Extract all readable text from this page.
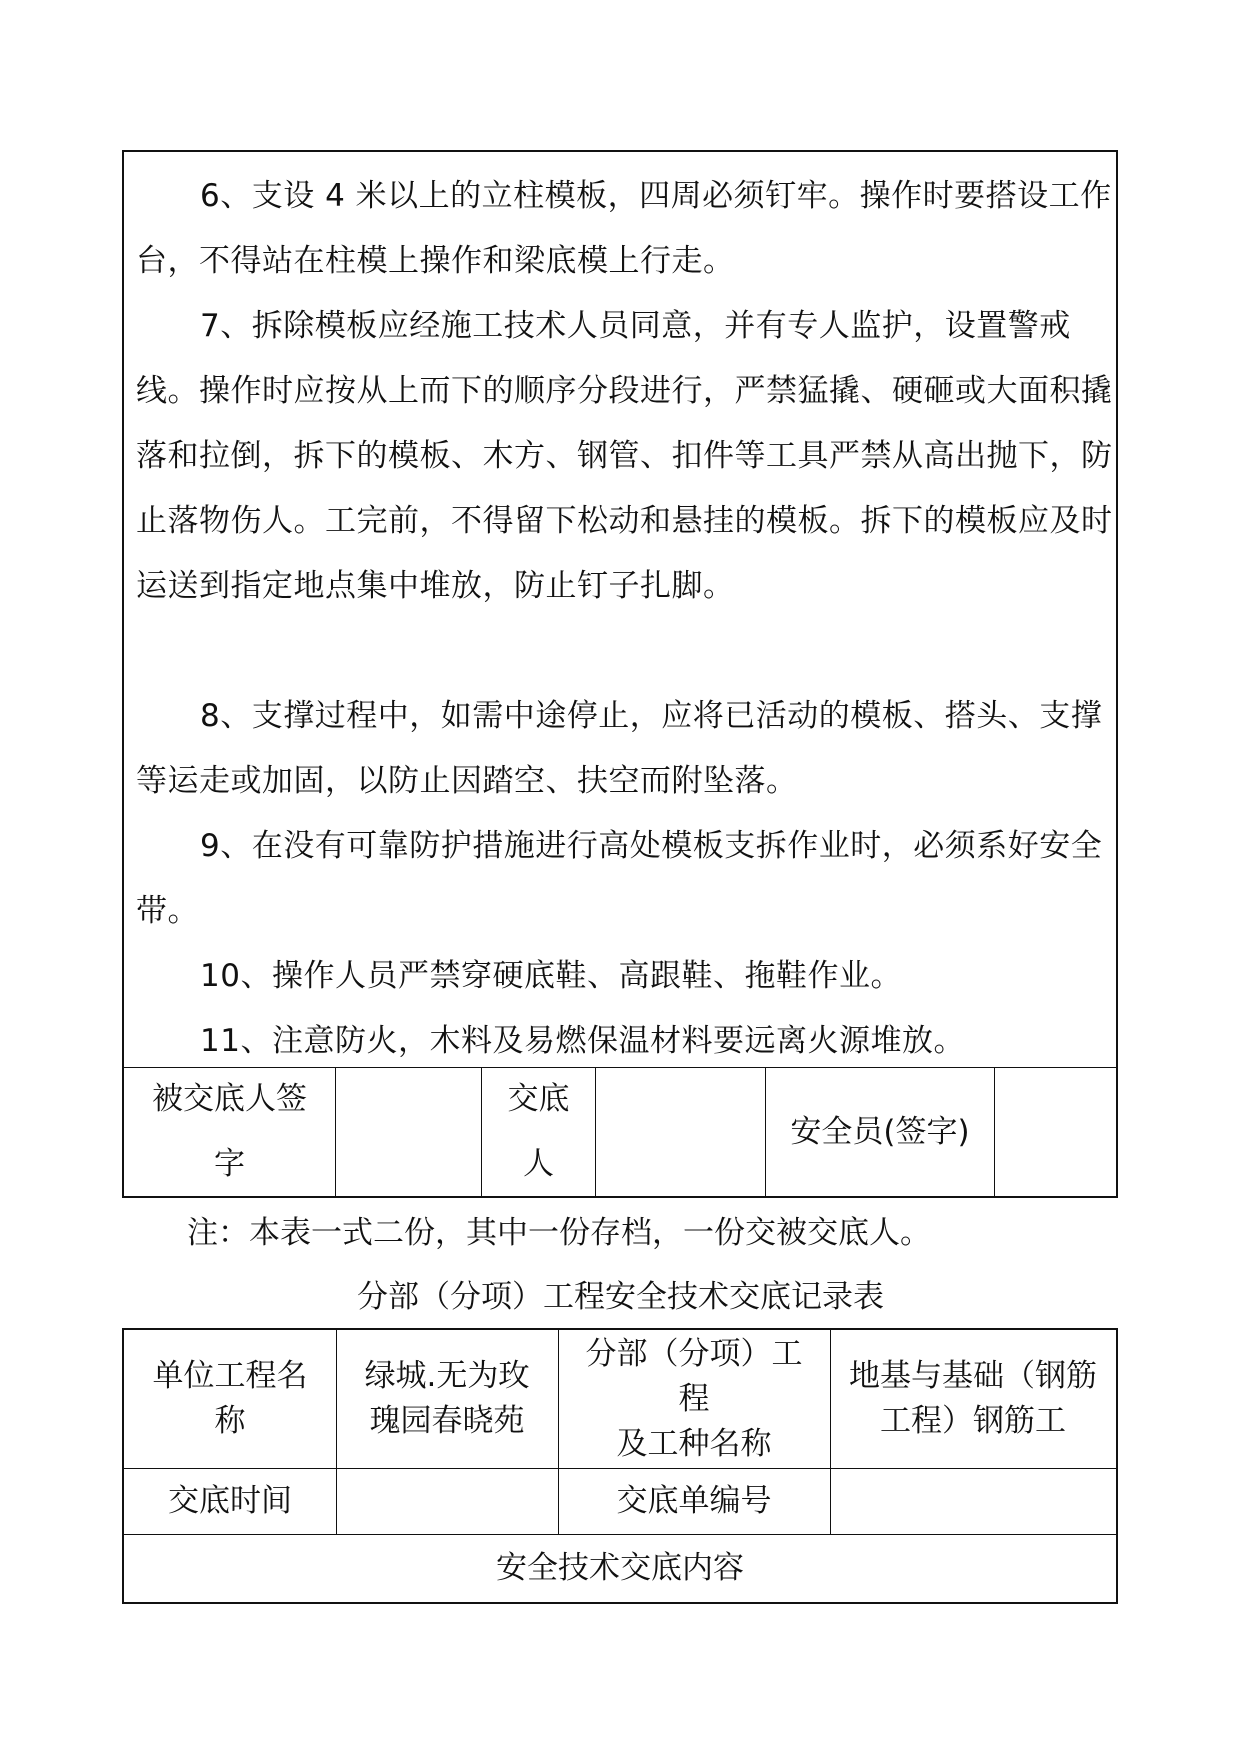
6、支设 4 米以上的立柱模板，四周必须钉牢。操作时要搭设工作台，不得站在柱模上操作和梁底模上行走。

7、拆除模板应经施工技术人员同意，并有专人监护，设置警戒线。操作时应按从上而下的顺序分段进行，严禁猛撬、硬砸或大面积撬落和拉倒，拆下的模板、木方、钢管、扣件等工具严禁从高出抛下，防止落物伤人。工完前，不得留下松动和悬挂的模板。拆下的模板应及时运送到指定地点集中堆放，防止钉子扎脚。

8、支撑过程中，如需中途停止，应将已活动的模板、搭头、支撑等运走或加固，以防止因踏空、扶空而附坠落。

9、在没有可靠防护措施进行高处模板支拆作业时，必须系好安全带。

10、操作人员严禁穿硬底鞋、高跟鞋、拖鞋作业。

11、注意防火，木料及易燃保温材料要远离火源堆放。

被交底人签
字
交底
人
安全员(签字)
注：本表一式二份，其中一份存档，一份交被交底人。
分部（分项）工程安全技术交底记录表
单位工程名
称
绿城.无为玫
瑰园春晓苑
分部（分项）工
程
及工种名称
地基与基础（钢筋
工程）钢筋工
交底时间	交底单编号
安全技术交底内容
